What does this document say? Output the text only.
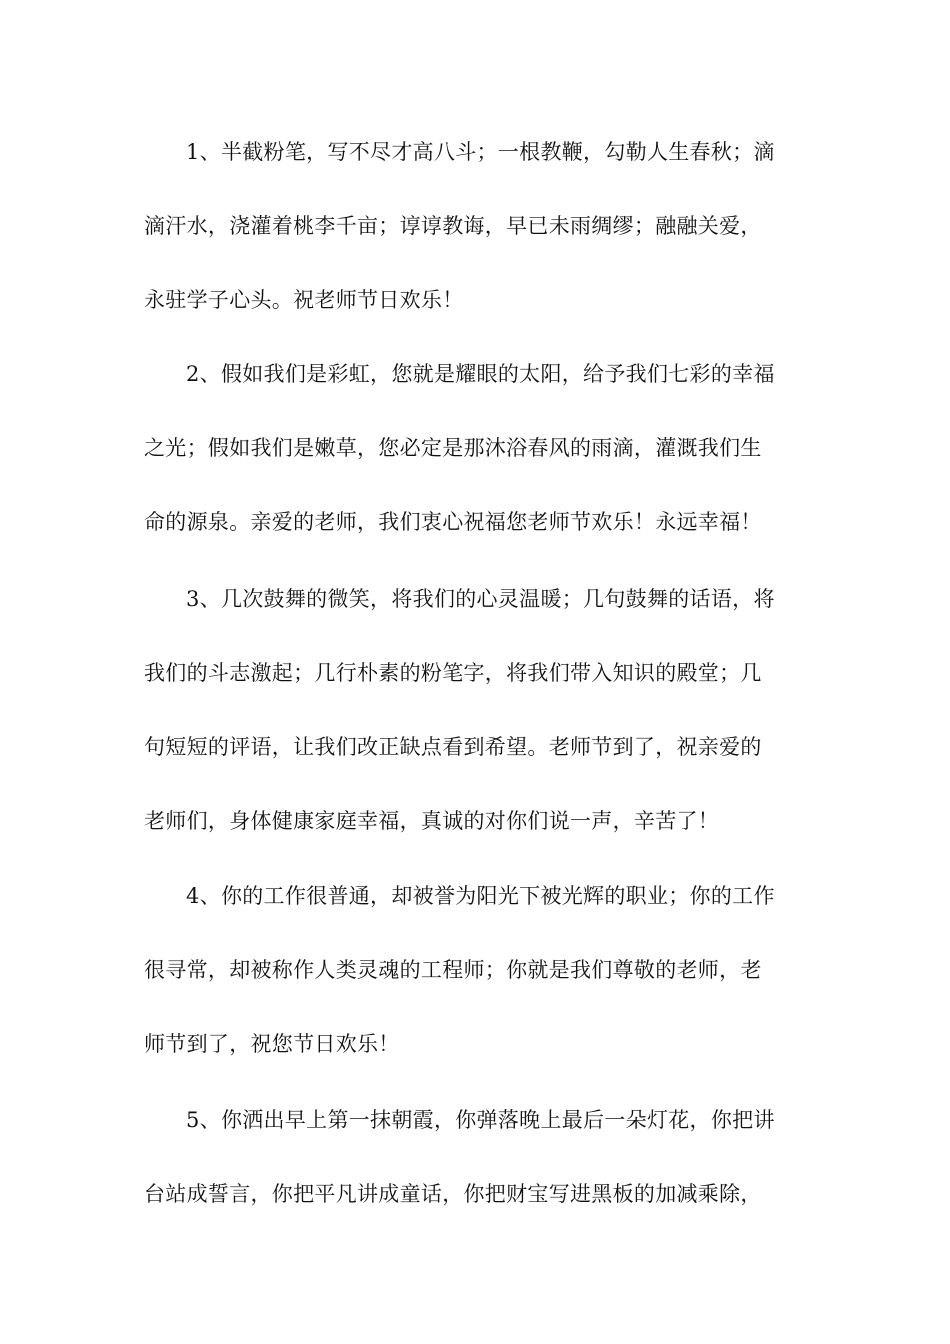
1、半截粉笔，写不尽才高八斗；一根教鞭，勾勒人生春秋；滴
滴汗水，浇灌着桃李千亩；谆谆教诲，早已未雨绸缪；融融关爱，
永驻学子心头。祝老师节日欢乐！
2、假如我们是彩虹，您就是耀眼的太阳，给予我们七彩的幸福
之光；假如我们是嫩草，您必定是那沐浴春风的雨滴，灌溉我们生
命的源泉。亲爱的老师，我们衷心祝福您老师节欢乐！永远幸福！
3、几次鼓舞的微笑，将我们的心灵温暖；几句鼓舞的话语，将
我们的斗志激起；几行朴素的粉笔字，将我们带入知识的殿堂；几
句短短的评语，让我们改正缺点看到希望。老师节到了，祝亲爱的
老师们，身体健康家庭幸福，真诚的对你们说一声，辛苦了！
4、你的工作很普通，却被誉为阳光下被光辉的职业；你的工作
很寻常，却被称作人类灵魂的工程师；你就是我们尊敬的老师，老
师节到了，祝您节日欢乐！
5、你洒出早上第一抹朝霞，你弹落晚上最后一朵灯花，你把讲
台站成誓言，你把平凡讲成童话，你把财宝写进黑板的加减乘除，
